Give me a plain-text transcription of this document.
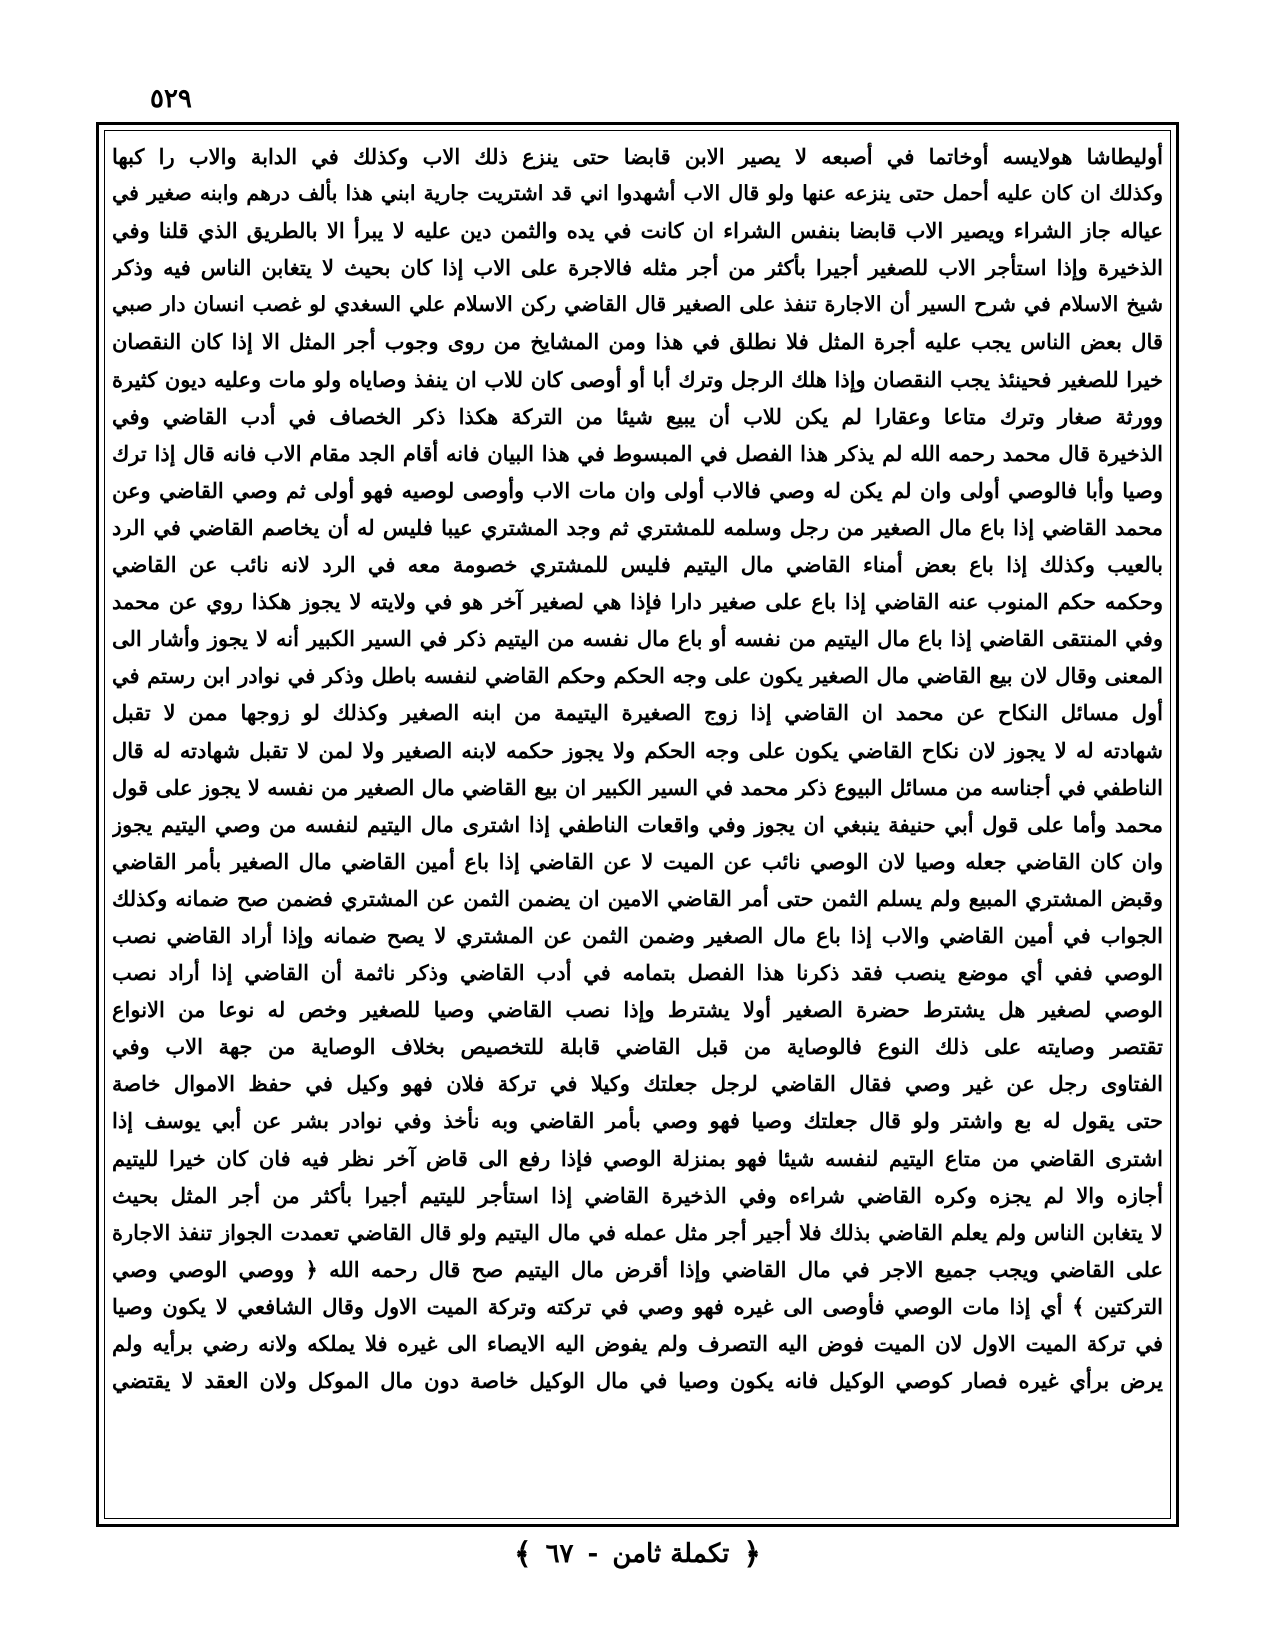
٥٢٩
أوليطاشا هولايسه أوخاتما في أصبعه لا يصير الابن قابضا حتى ينزع ذلك الاب وكذلك في الدابة والاب را كبها
وكذلك ان كان عليه أحمل حتى ينزعه عنها ولو قال الاب أشهدوا اني قد اشتريت جارية ابني هذا بألف درهم وابنه صغير في
عياله جاز الشراء ويصير الاب قابضا بنفس الشراء ان كانت في يده والثمن دين عليه لا يبرأ الا بالطريق الذي قلنا وفي
الذخيرة وإذا استأجر الاب للصغير أجيرا بأكثر من أجر مثله فالاجرة على الاب إذا كان بحيث لا يتغابن الناس فيه وذكر
شيخ الاسلام في شرح السير أن الاجارة تنفذ على الصغير قال القاضي ركن الاسلام علي السغدي لو غصب انسان دار صبي
قال بعض الناس يجب عليه أجرة المثل فلا نطلق في هذا ومن المشايخ من روى وجوب أجر المثل الا إذا كان النقصان
خيرا للصغير فحينئذ يجب النقصان وإذا هلك الرجل وترك أبا أو أوصى كان للاب ان ينفذ وصاياه ولو مات وعليه ديون كثيرة
وورثة صغار وترك متاعا وعقارا لم يكن للاب أن يبيع شيئا من التركة هكذا ذكر الخصاف في أدب القاضي وفي
الذخيرة قال محمد رحمه الله لم يذكر هذا الفصل في المبسوط في هذا البيان فانه أقام الجد مقام الاب فانه قال إذا ترك
وصيا وأبا فالوصي أولى وان لم يكن له وصي فالاب أولى وان مات الاب وأوصى لوصيه فهو أولى ثم وصي القاضي وعن
محمد القاضي إذا باع مال الصغير من رجل وسلمه للمشتري ثم وجد المشتري عيبا فليس له أن يخاصم القاضي في الرد
بالعيب وكذلك إذا باع بعض أمناء القاضي مال اليتيم فليس للمشتري خصومة معه في الرد لانه نائب عن القاضي
وحكمه حكم المنوب عنه القاضي إذا باع على صغير دارا فإذا هي لصغير آخر هو في ولايته لا يجوز هكذا روي عن محمد
وفي المنتقى القاضي إذا باع مال اليتيم من نفسه أو باع مال نفسه من اليتيم ذكر في السير الكبير أنه لا يجوز وأشار الى
المعنى وقال لان بيع القاضي مال الصغير يكون على وجه الحكم وحكم القاضي لنفسه باطل وذكر في نوادر ابن رستم في
أول مسائل النكاح عن محمد ان القاضي إذا زوج الصغيرة اليتيمة من ابنه الصغير وكذلك لو زوجها ممن لا تقبل
شهادته له لا يجوز لان نكاح القاضي يكون على وجه الحكم ولا يجوز حكمه لابنه الصغير ولا لمن لا تقبل شهادته له قال
الناطفي في أجناسه من مسائل البيوع ذكر محمد في السير الكبير ان بيع القاضي مال الصغير من نفسه لا يجوز على قول
محمد وأما على قول أبي حنيفة ينبغي ان يجوز وفي واقعات الناطفي إذا اشترى مال اليتيم لنفسه من وصي اليتيم يجوز
وان كان القاضي جعله وصيا لان الوصي نائب عن الميت لا عن القاضي إذا باع أمين القاضي مال الصغير بأمر القاضي
وقبض المشتري المبيع ولم يسلم الثمن حتى أمر القاضي الامين ان يضمن الثمن عن المشتري فضمن صح ضمانه وكذلك
الجواب في أمين القاضي والاب إذا باع مال الصغير وضمن الثمن عن المشتري لا يصح ضمانه وإذا أراد القاضي نصب
الوصي ففي أي موضع ينصب فقد ذكرنا هذا الفصل بتمامه في أدب القاضي وذكر ناثمة أن القاضي إذا أراد نصب
الوصي لصغير هل يشترط حضرة الصغير أولا يشترط وإذا نصب القاضي وصيا للصغير وخص له نوعا من الانواع
تقتصر وصايته على ذلك النوع فالوصاية من قبل القاضي قابلة للتخصيص بخلاف الوصاية من جهة الاب وفي
الفتاوى رجل عن غير وصي فقال القاضي لرجل جعلتك وكيلا في تركة فلان فهو وكيل في حفظ الاموال خاصة
حتى يقول له بع واشتر ولو قال جعلتك وصيا فهو وصي بأمر القاضي وبه نأخذ وفي نوادر بشر عن أبي يوسف إذا
اشترى القاضي من متاع اليتيم لنفسه شيئا فهو بمنزلة الوصي فإذا رفع الى قاض آخر نظر فيه فان كان خيرا لليتيم
أجازه والا لم يجزه وكره القاضي شراءه وفي الذخيرة القاضي إذا استأجر لليتيم أجيرا بأكثر من أجر المثل بحيث
لا يتغابن الناس ولم يعلم القاضي بذلك فلا أجير أجر مثل عمله في مال اليتيم ولو قال القاضي تعمدت الجواز تنفذ الاجارة
على القاضي ويجب جميع الاجر في مال القاضي وإذا أقرض مال اليتيم صح قال رحمه الله ﴿ ووصي الوصي وصي
التركتين ﴾ أي إذا مات الوصي فأوصى الى غيره فهو وصي في تركته وتركة الميت الاول وقال الشافعي لا يكون وصيا
في تركة الميت الاول لان الميت فوض اليه التصرف ولم يفوض اليه الايصاء الى غيره فلا يملكه ولانه رضي برأيه ولم
يرض برأي غيره فصار كوصي الوكيل فانه يكون وصيا في مال الوكيل خاصة دون مال الموكل ولان العقد لا يقتضي
﴿
تكملة ثامن
-
٦٧
﴾
